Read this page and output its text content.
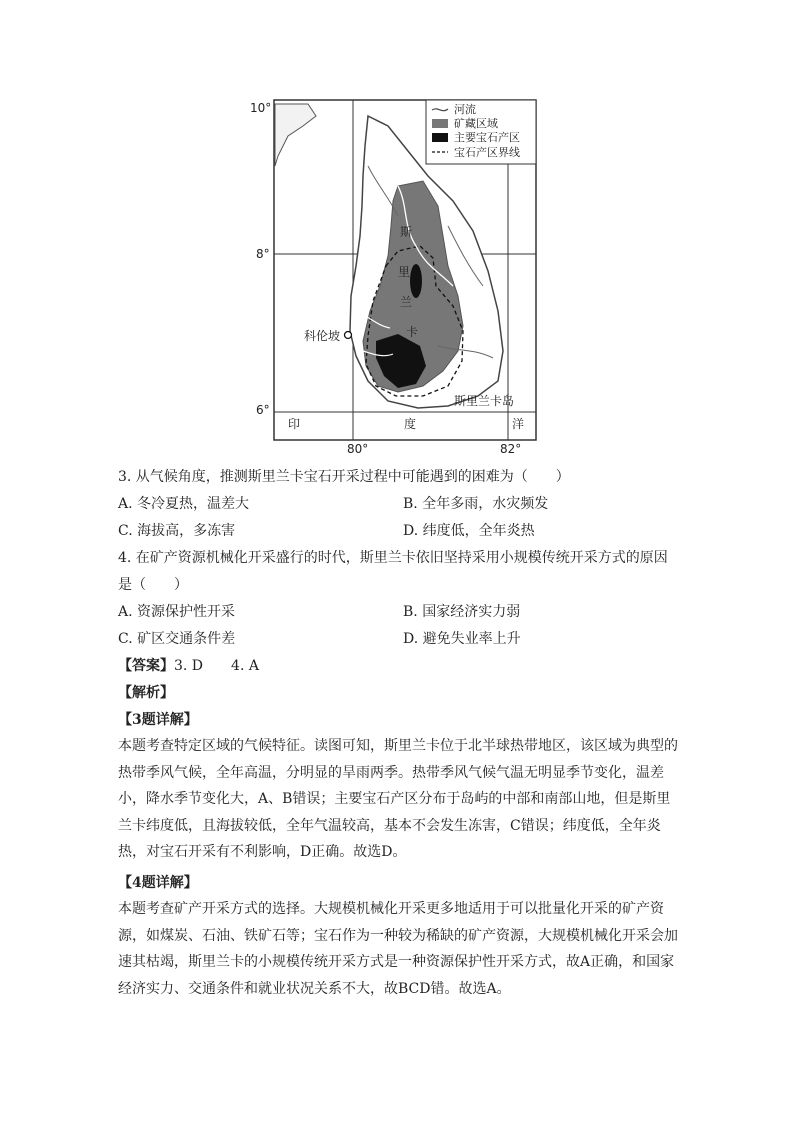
河流
矿藏区域
主要宝石产区
宝石产区界线
10°
8°
6°
80°	82°
斯
里
兰
卡
科伦坡
斯里兰卡岛
印	度	洋
3. 从气候角度，推测斯里兰卡宝石开采过程中可能遇到的困难为（　　）
A. 冬冷夏热，温差大	B. 全年多雨，水灾频发
C. 海拔高，多冻害	D. 纬度低，全年炎热
4. 在矿产资源机械化开采盛行的时代，斯里兰卡依旧坚持采用小规模传统开采方式的原因
是（　　）
A. 资源保护性开采	B. 国家经济实力弱
C. 矿区交通条件差	D. 避免失业率上升
【答案】3. D　　4. A
【解析】
【3题详解】
本题考查特定区域的气候特征。读图可知，斯里兰卡位于北半球热带地区，该区域为典型的热带季风气候，全年高温，分明显的旱雨两季。热带季风气候气温无明显季节变化，温差小，降水季节变化大，A、B错误；主要宝石产区分布于岛屿的中部和南部山地，但是斯里兰卡纬度低，且海拔较低，全年气温较高，基本不会发生冻害，C错误；纬度低，全年炎热，对宝石开采有不利影响，D正确。故选D。
【4题详解】
本题考查矿产开采方式的选择。大规模机械化开采更多地适用于可以批量化开采的矿产资源，如煤炭、石油、铁矿石等；宝石作为一种较为稀缺的矿产资源，大规模机械化开采会加速其枯竭，斯里兰卡的小规模传统开采方式是一种资源保护性开采方式，故A正确，和国家经济实力、交通条件和就业状况关系不大，故BCD错。故选A。
